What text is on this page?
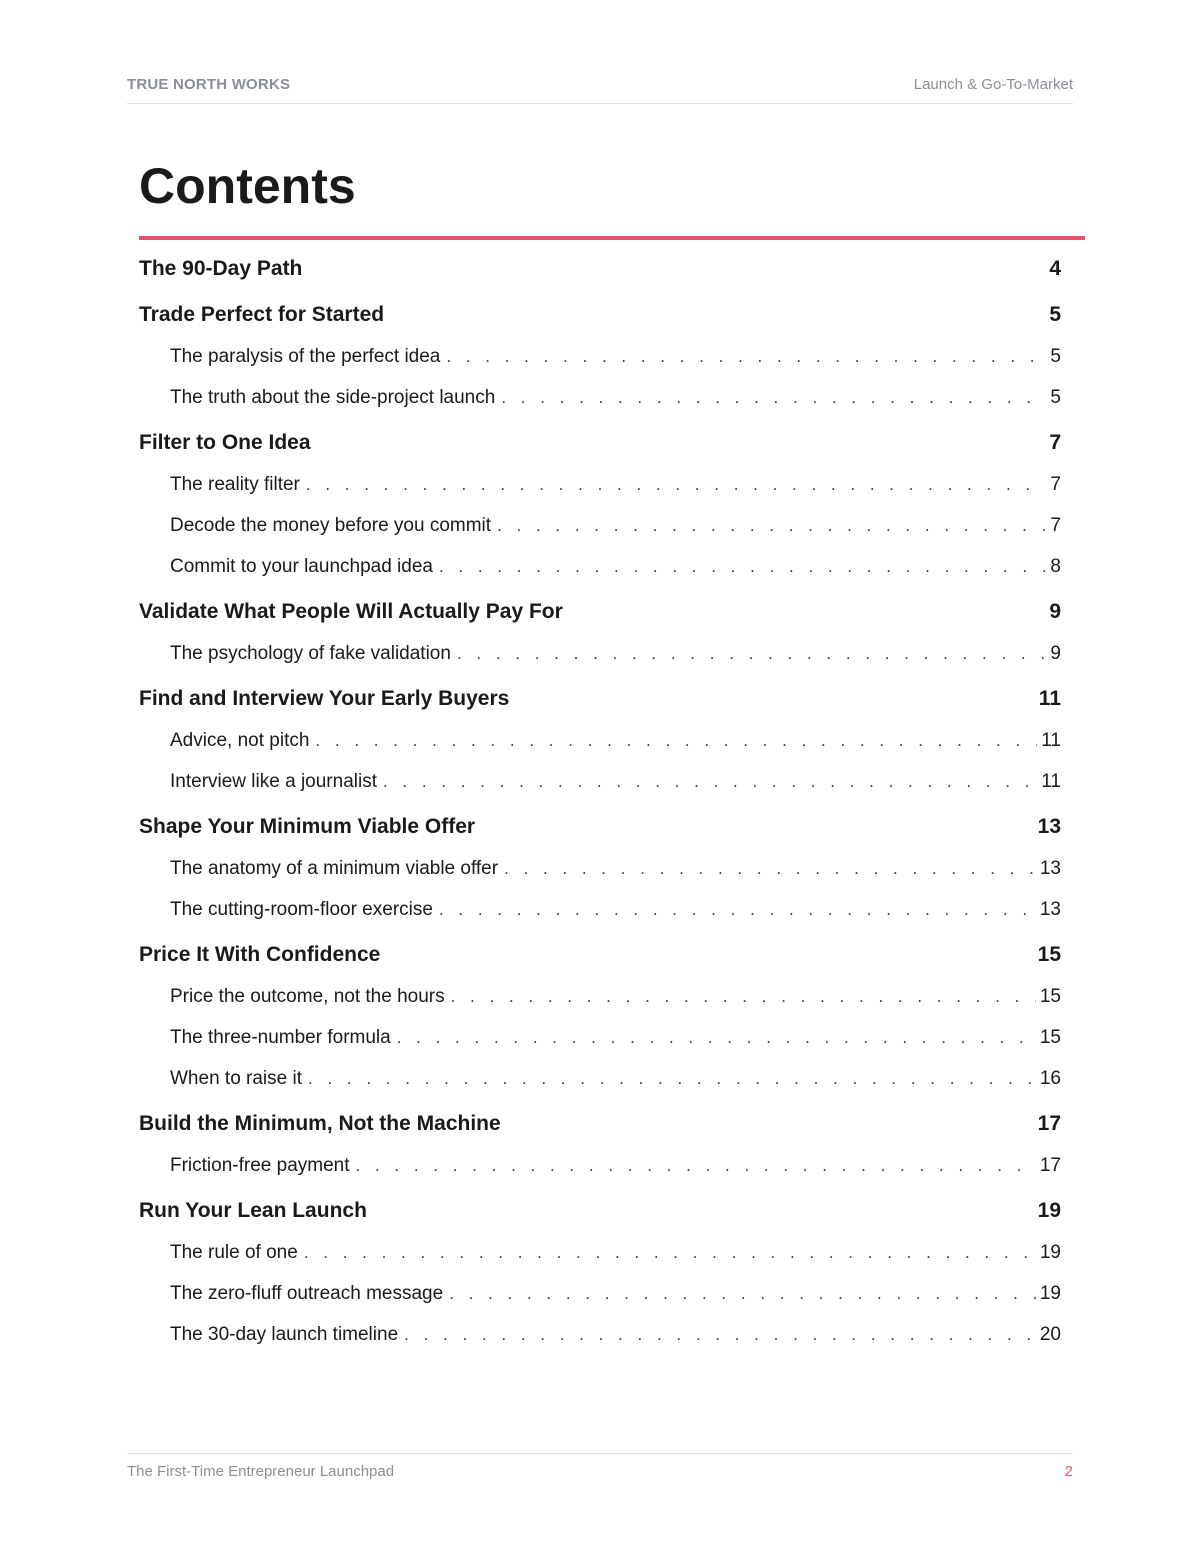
TRUE NORTH WORKS	Launch & Go-To-Market
Contents
The 90-Day Path	4
Trade Perfect for Started	5
The paralysis of the perfect idea . . .	5
The truth about the side-project launch . . .	5
Filter to One Idea	7
The reality filter . . .	7
Decode the money before you commit . . .	7
Commit to your launchpad idea . . .	8
Validate What People Will Actually Pay For	9
The psychology of fake validation . . .	9
Find and Interview Your Early Buyers	11
Advice, not pitch . . .	11
Interview like a journalist . . .	11
Shape Your Minimum Viable Offer	13
The anatomy of a minimum viable offer . . .	13
The cutting-room-floor exercise . . .	13
Price It With Confidence	15
Price the outcome, not the hours . . .	15
The three-number formula . . .	15
When to raise it . . .	16
Build the Minimum, Not the Machine	17
Friction-free payment . . .	17
Run Your Lean Launch	19
The rule of one . . .	19
The zero-fluff outreach message . . .	19
The 30-day launch timeline . . .	20
The First-Time Entrepreneur Launchpad	2
